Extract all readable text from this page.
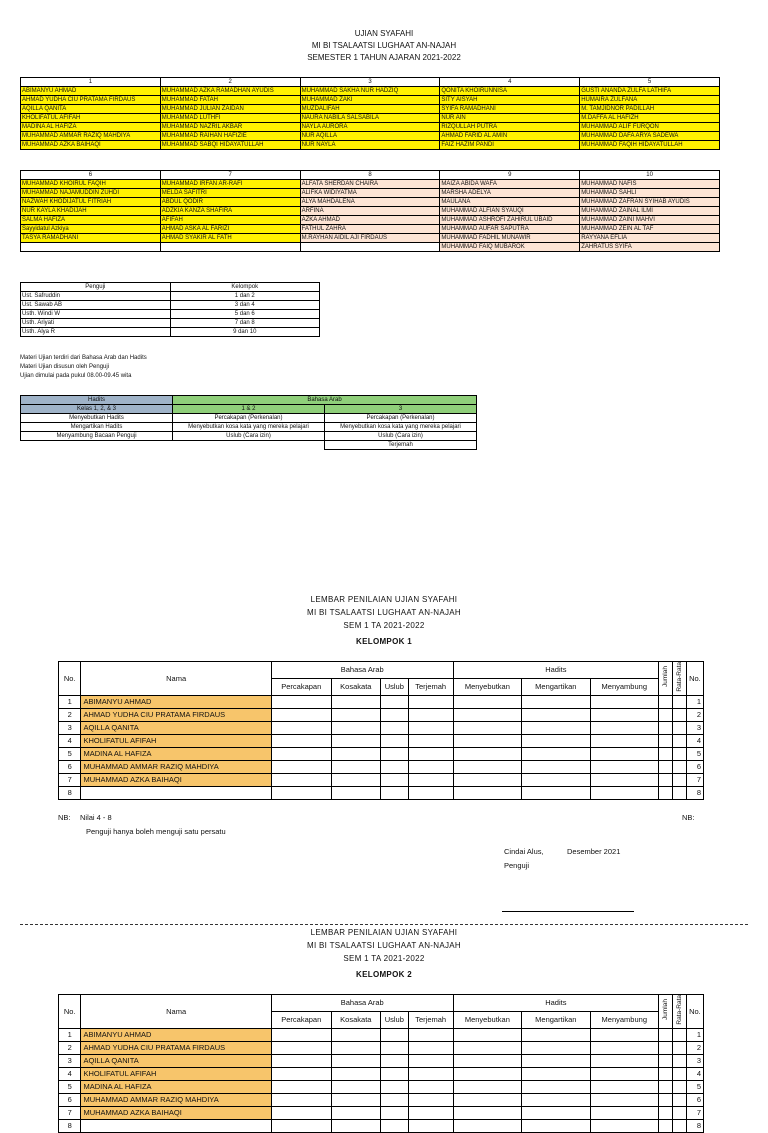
UJIAN SYAFAHI
MI BI TSALAATSI LUGHAAT AN-NAJAH
SEMESTER 1 TAHUN AJARAN 2021-2022
1	2	3	4	5
ABIMANYU AHMAD	MUHAMMAD AZKA RAMADHAN AYUDIS	MUHAMMAD SAKHA NUR HADZIQ	QONITA KHOIRUNNISA	GUSTI ANANDA ZULFA LATHIFA
AHMAD YUDHA CIU PRATAMA FIRDAUS	MUHAMMAD FATAH	MUHAMMAD ZAKI	SITY AISYAH	HUMAIRA ZULFANA
AQILLA QANITA	MUHAMMAD JULIAN ZAIDAN	MUZDALIFAH	SYIFA RAMADHANI	M. TAMJIDNOR PADILLAH
KHOLIFATUL AFIFAH	MUHAMMAD LUTHFI	NAURA NABILA SALSABILA	NUR AIN	M.DAFFA AL HAFIZH
MADINA AL HAFIZA	MUHAMMAD NAZRIL AKBAR	NAYLA AURORA	RIZQULLAH PUTRA	MUHAMMAD ALIF FURQON
MUHAMMAD AMMAR RAZIQ MAHDIYA	MUHAMMAD RAIHAN HAFIZIE	NUR AQILLA	AHMAD FARID AL AMIN	MUHAMMAD DAFA ARYA SADEWA
MUHAMMAD AZKA BAIHAQI	MUHAMMAD SABQI HIDAYATULLAH	NUR NAYLA	FAIZ HAZIM PANDI	MUHAMMAD FAQIH HIDAYATULLAH
6	7	8	9	10
MUHAMMAD KHOIRUL FAQIH	MUHAMMAD IRFAN AR-RAFI	ALFATA SHERDAN CHAIRA	MAIZA ABIDA WAFA	MUHAMMAD NAFIS
MUHAMMAD NAJAMUDDIN ZUHDI	MELDA SAFITRI	ALIFKA WIDIYATMA	MARSHA ADELYA	MUHAMMAD SAHLI
NAZWAH KHODIJATUL FITRIAH	ABDUL QODIR	ALYA MAHDALENA	MAULANA	MUHAMMAD ZAFRAN SYIHAB AYUDIS
NUR KAYLA KHADIJAH	ADZKIA KANZA SHAFIRA	ARFINA	MUHAMMAD ALFIAN SYAUQI	MUHAMMAD ZAINAL ILMI
SALMA HAFIZA	AFIFAH	AZKA AHMAD	MUHAMMAD ASHROFI ZAHIRUL UBAID	MUHAMMAD ZAINI MAHVI
Sayyidatul Azkiya	AHMAD ASKA AL FARIZI	FATHUL ZAHRA	MUHAMMAD AUFAR SAPUTRA	MUHAMMAD ZEIN AL TAF
TASYA RAMADHANI	AHMAD SYAKIR AL FATH	M.RAYHAN AIDIL AJI FIRDAUS	MUHAMMAD FADHIL MUNAWIR	RAYYANA EFLIA
			MUHAMMAD FAIQ MUBAROK	ZAHRATUS SYIFA
Penguji	Kelompok
Ust. Safruddin	1 dan 2
Ust. Sawab AB	3 dan 4
Usth. Windi W	5 dan 6
Usth. Ariyati	7 dan 8
Usth. Alya R	9 dan 10
Materi Ujian terdiri dari Bahasa Arab dan Hadits
Materi Ujian disusun oleh Penguji
Ujian dimulai pada pukul 08.00-09.45 wita
Hadits	Bahasa Arab	
Kelas 1, 2, & 3	1 & 2	3
Menyebutkan Hadits	Percakapan (Perkenalan)	Percakapan (Perkenalan)
Mengartikan Hadits	Menyebutkan kosa kata yang mereka pelajari	Menyebutkan kosa kata yang mereka pelajari
Menyambung Bacaan Penguji	Uslub (Cara izin)	Uslub (Cara izin)
		Terjemah
LEMBAR PENILAIAN UJIAN SYAFAHI
MI BI TSALAATSI LUGHAAT AN-NAJAH
SEM 1 TA 2021-2022
KELOMPOK 1
No.	Nama	Bahasa Arab				Hadits			Jumlah	Rata-Rata	No.
		Percakapan	Kosakata	Uslub	Terjemah	Menyebutkan	Mengartikan	Menyambung			
1	ABIMANYU AHMAD										1
2	AHMAD YUDHA CIU PRATAMA FIRDAUS										2
3	AQILLA QANITA										3
4	KHOLIFATUL AFIFAH										4
5	MADINA AL HAFIZA										5
6	MUHAMMAD AMMAR RAZIQ MAHDIYA										6
7	MUHAMMAD AZKA BAIHAQI										7
8											8
NB: Nilai 4 - 8
Penguji hanya boleh menguji satu persatu
NB:
Cindai Alus,	Desember 2021
Penguji
LEMBAR PENILAIAN UJIAN SYAFAHI
MI BI TSALAATSI LUGHAAT AN-NAJAH
SEM 1 TA 2021-2022
KELOMPOK 2
No.	Nama	Bahasa Arab				Hadits			Jumlah	Rata-Rata	No.
		Percakapan	Kosakata	Uslub	Terjemah	Menyebutkan	Mengartikan	Menyambung			
1	ABIMANYU AHMAD										1
2	AHMAD YUDHA CIU PRATAMA FIRDAUS										2
3	AQILLA QANITA										3
4	KHOLIFATUL AFIFAH										4
5	MADINA AL HAFIZA										5
6	MUHAMMAD AMMAR RAZIQ MAHDIYA										6
7	MUHAMMAD AZKA BAIHAQI										7
8											8
